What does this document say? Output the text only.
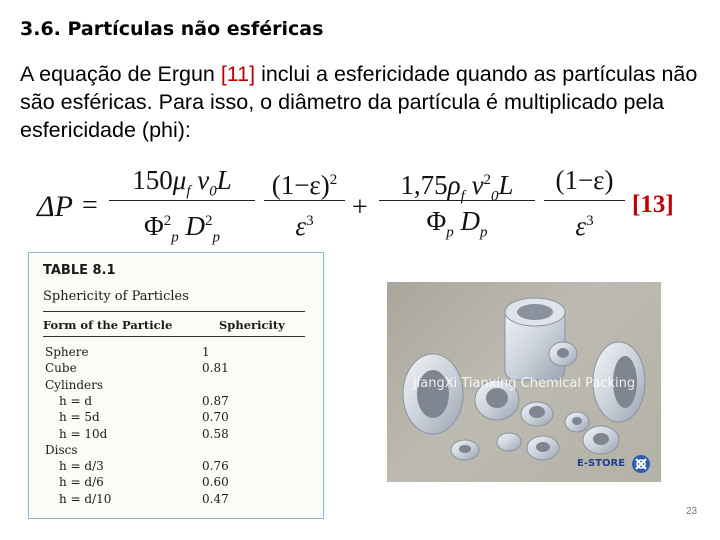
3.6. Partículas não esféricas
A equação de Ergun [11] inclui a esfericidade quando as partículas não são esféricas. Para isso, o diâmetro da partícula é multiplicado pela esfericidade (phi):
ΔP =
$150\mu_f$ $v_0L$
$\Phi^2_p$ $D^2_p$
$(1-\varepsilon)^2$
$\varepsilon^3$	+
$1,75\rho_f$ $v^2_0L$
$\Phi_p$ $D_p$
(1−ε)
$\varepsilon^3$
[13]
TABLE 8.1
Sphericity of Particles
Form of the Particle	Sphericity
Sphere	1
Cube	0.81
Cylinders
h = d	0.87
h = 5d	0.70
h = 10d	0.58
Discs
h = d/3	0.76
h = d/6	0.60
h = d/10	0.47
JiangXi Tianxing Chemical Packing
E-STORE
23
